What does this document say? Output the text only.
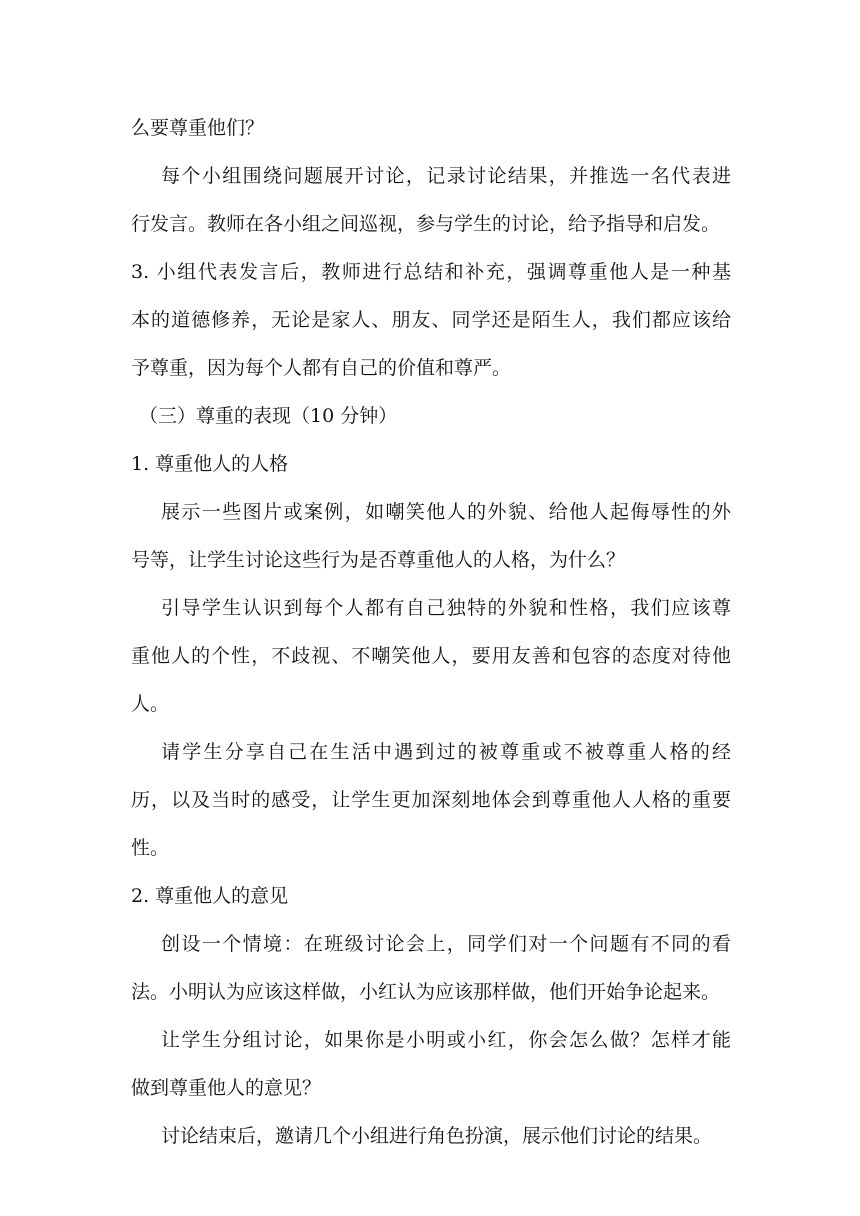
么要尊重他们？
每个小组围绕问题展开讨论，记录讨论结果，并推选一名代表进
行发言。教师在各小组之间巡视，参与学生的讨论，给予指导和启发。
3. 小组代表发言后，教师进行总结和补充，强调尊重他人是一种基
本的道德修养，无论是家人、朋友、同学还是陌生人，我们都应该给
予尊重，因为每个人都有自己的价值和尊严。
（三）尊重的表现（10 分钟）
1. 尊重他人的人格
展示一些图片或案例，如嘲笑他人的外貌、给他人起侮辱性的外
号等，让学生讨论这些行为是否尊重他人的人格，为什么？
引导学生认识到每个人都有自己独特的外貌和性格，我们应该尊
重他人的个性，不歧视、不嘲笑他人，要用友善和包容的态度对待他
人。
请学生分享自己在生活中遇到过的被尊重或不被尊重人格的经
历，以及当时的感受，让学生更加深刻地体会到尊重他人人格的重要
性。
2. 尊重他人的意见
创设一个情境：在班级讨论会上，同学们对一个问题有不同的看
法。小明认为应该这样做，小红认为应该那样做，他们开始争论起来。
让学生分组讨论，如果你是小明或小红，你会怎么做？怎样才能
做到尊重他人的意见？
讨论结束后，邀请几个小组进行角色扮演，展示他们讨论的结果。
